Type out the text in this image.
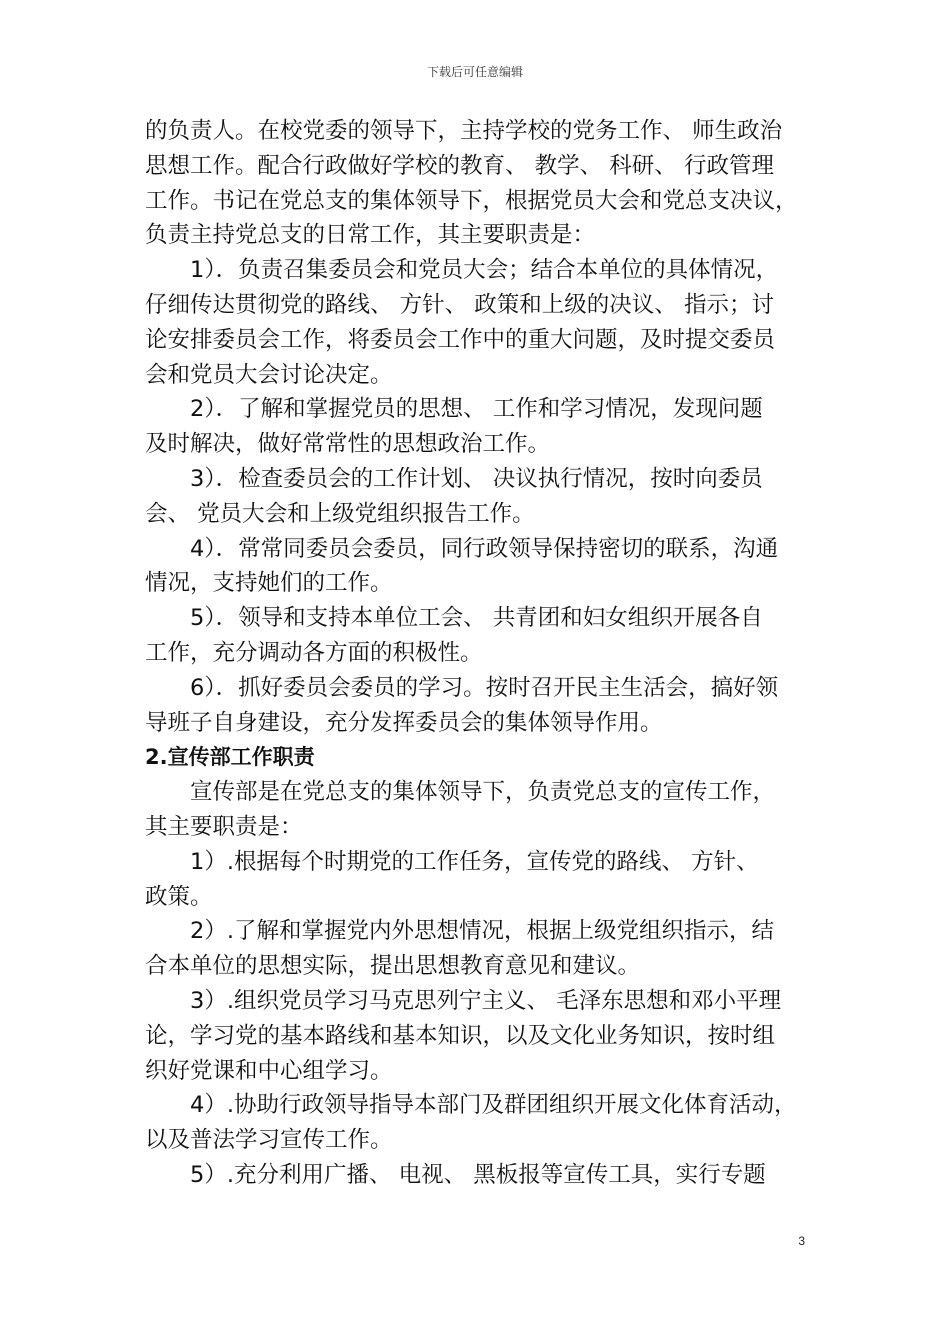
下载后可任意编辑
的负责人。在校党委的领导下，主持学校的党务工作、 师生政治
思想工作。配合行政做好学校的教育、 教学、 科研、 行政管理
工作。书记在党总支的集体领导下，根据党员大会和党总支决议，
负责主持党总支的日常工作，其主要职责是：
1）．负责召集委员会和党员大会；结合本单位的具体情况，
仔细传达贯彻党的路线、 方针、 政策和上级的决议、 指示；讨
论安排委员会工作，将委员会工作中的重大问题，及时提交委员
会和党员大会讨论决定。
2）．了解和掌握党员的思想、 工作和学习情况，发现问题
及时解决，做好常常性的思想政治工作。
3）．检查委员会的工作计划、 决议执行情况，按时向委员
会、 党员大会和上级党组织报告工作。
4）．常常同委员会委员，同行政领导保持密切的联系，沟通
情况，支持她们的工作。
5）．领导和支持本单位工会、 共青团和妇女组织开展各自
工作，充分调动各方面的积极性。
6）．抓好委员会委员的学习。按时召开民主生活会，搞好领
导班子自身建设，充分发挥委员会的集体领导作用。
2.宣传部工作职责
宣传部是在党总支的集体领导下，负责党总支的宣传工作，
其主要职责是：
1）.根据每个时期党的工作任务，宣传党的路线、 方针、
政策。
2）.了解和掌握党内外思想情况，根据上级党组织指示，结
合本单位的思想实际，提出思想教育意见和建议。
3）.组织党员学习马克思列宁主义、 毛泽东思想和邓小平理
论，学习党的基本路线和基本知识，以及文化业务知识，按时组
织好党课和中心组学习。
4）.协助行政领导指导本部门及群团组织开展文化体育活动，
以及普法学习宣传工作。
5）.充分利用广播、 电视、 黑板报等宣传工具，实行专题
3
